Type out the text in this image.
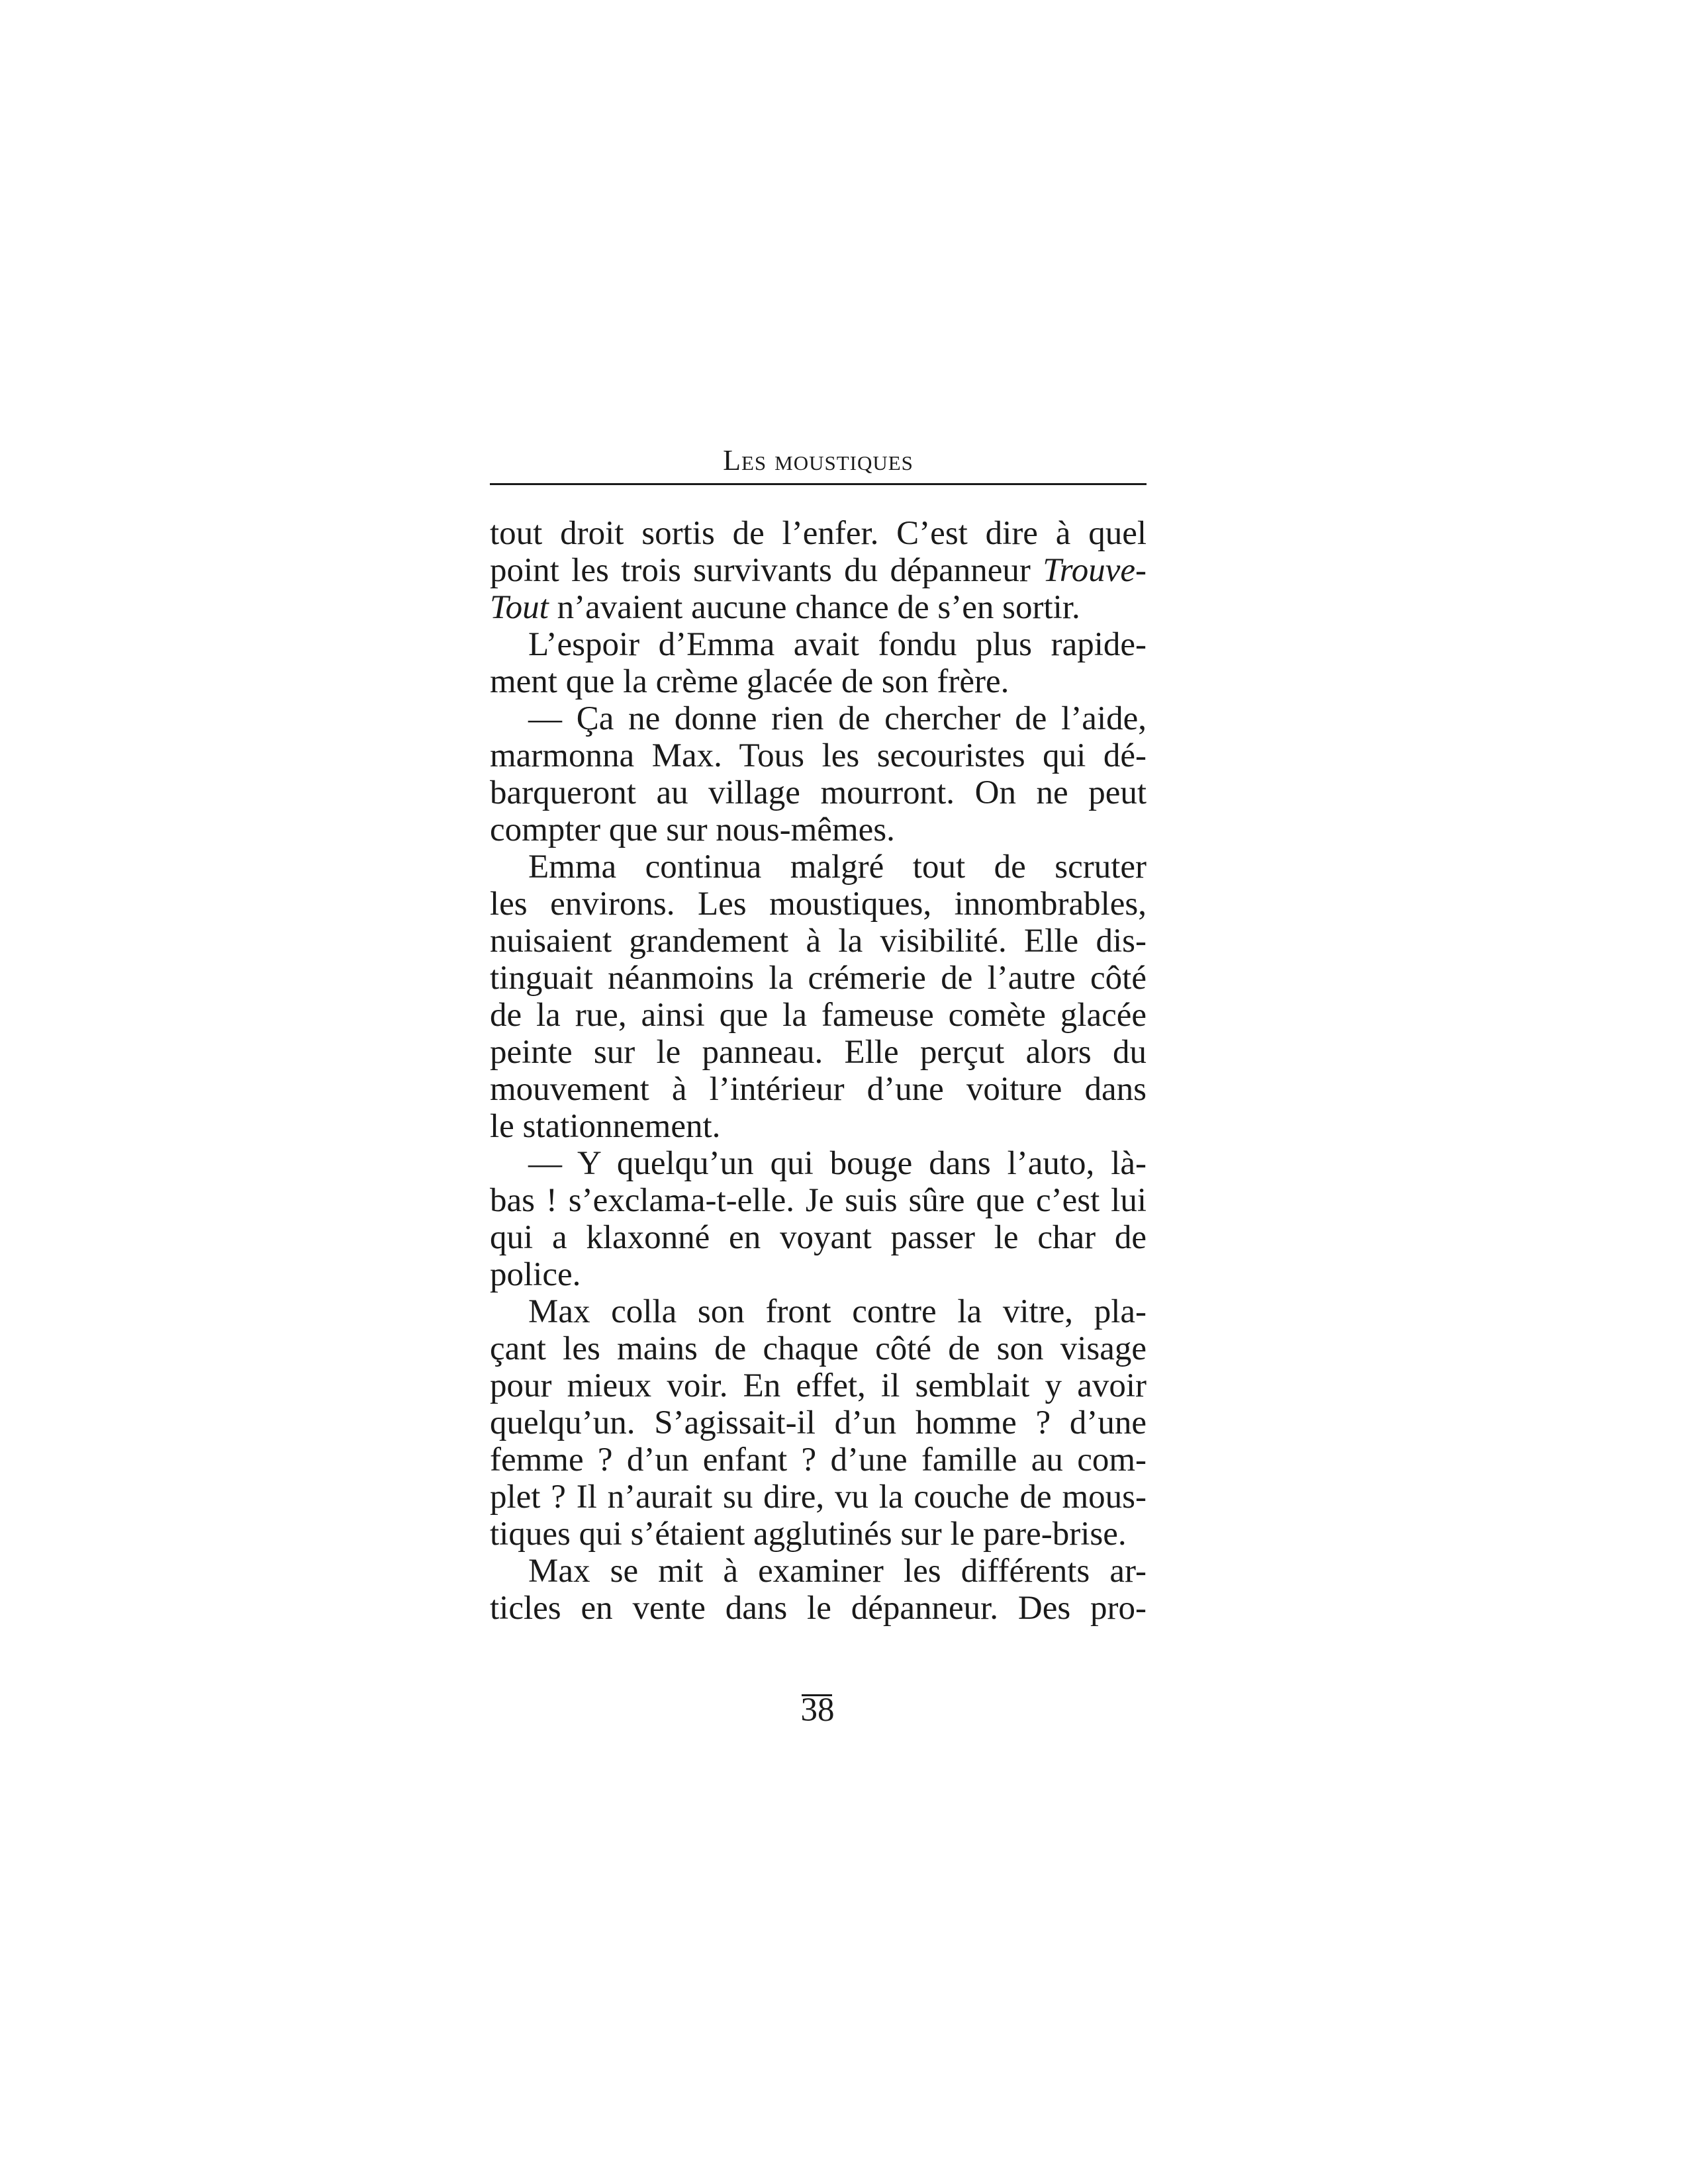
Les moustiques
tout droit sortis de l’enfer. C’est dire à quel
point les trois survivants du dépanneur Trouve-
Tout n’avaient aucune chance de s’en sortir.
L’espoir d’Emma avait fondu plus rapide-
ment que la crème glacée de son frère.
— Ça ne donne rien de chercher de l’aide,
marmonna Max. Tous les secouristes qui dé-
barqueront au village mourront. On ne peut
compter que sur nous-mêmes.
Emma continua malgré tout de scruter
les environs. Les moustiques, innombrables,
nuisaient grandement à la visibilité. Elle dis-
tinguait néanmoins la crémerie de l’autre côté
de la rue, ainsi que la fameuse comète glacée
peinte sur le panneau. Elle perçut alors du
mouvement à l’intérieur d’une voiture dans
le stationnement.
— Y quelqu’un qui bouge dans l’auto, là-
bas ! s’exclama-t-elle. Je suis sûre que c’est lui
qui a klaxonné en voyant passer le char de
police.
Max colla son front contre la vitre, pla-
çant les mains de chaque côté de son visage
pour mieux voir. En effet, il semblait y avoir
quelqu’un. S’agissait-il d’un homme ? d’une
femme ? d’un enfant ? d’une famille au com-
plet ? Il n’aurait su dire, vu la couche de mous-
tiques qui s’étaient agglutinés sur le pare-brise.
Max se mit à examiner les différents ar-
ticles en vente dans le dépanneur. Des pro-
38
